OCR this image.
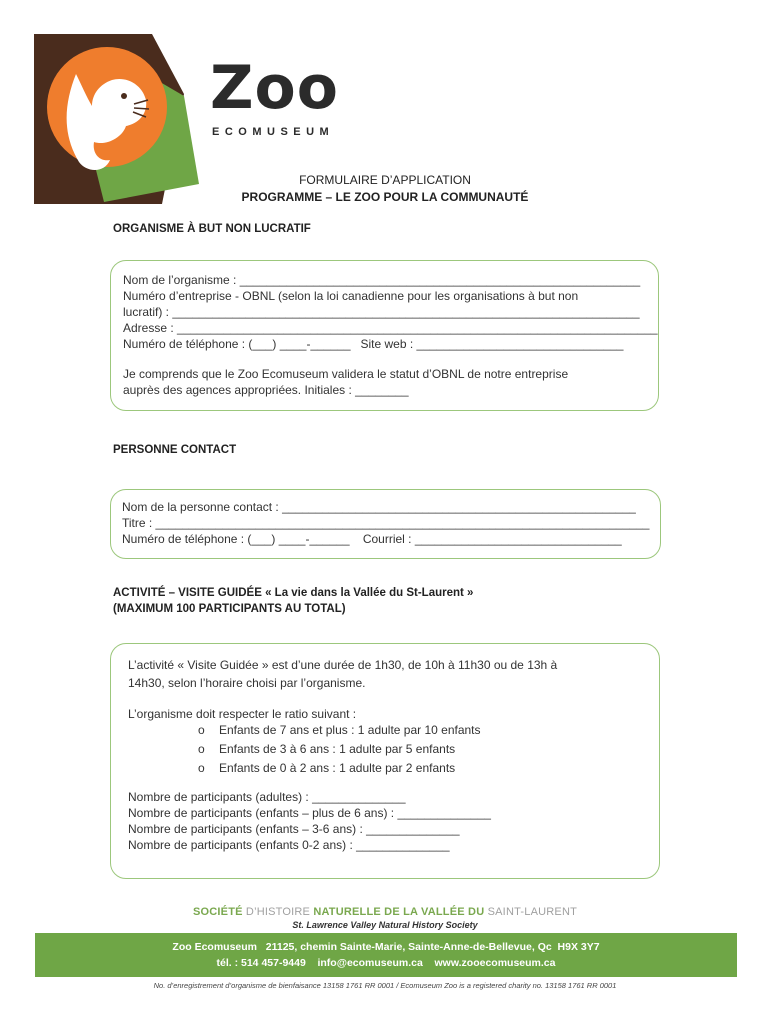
Zoo
ECOMUSEUM
FORMULAIRE D’APPLICATION
PROGRAMME – LE ZOO POUR LA COMMUNAUTÉ
ORGANISME À BUT NON LUCRATIF
Nom de l’organisme : ____________________________________________________________
Numéro d’entreprise - OBNL (selon la loi canadienne pour les organisations à but non
lucratif) : ______________________________________________________________________
Adresse : ________________________________________________________________________
Numéro de téléphone : (___) ____-______   Site web : _______________________________
Je comprends que le Zoo Ecomuseum validera le statut d’OBNL de notre entreprise
auprès des agences appropriées. Initiales : ________
PERSONNE CONTACT
Nom de la personne contact : _____________________________________________________
Titre : __________________________________________________________________________
Numéro de téléphone : (___) ____-______    Courriel : _______________________________
ACTIVITÉ – VISITE GUIDÉE « La vie dans la Vallée du St-Laurent »
(MAXIMUM 100 PARTICIPANTS AU TOTAL)
L’activité « Visite Guidée » est d’une durée de 1h30, de 10h à 11h30 ou de 13h à
14h30, selon l’horaire choisi par l’organisme.
L’organisme doit respecter le ratio suivant :
o Enfants de 7 ans et plus : 1 adulte par 10 enfants
o Enfants de 3 à 6 ans : 1 adulte par 5 enfants
o Enfants de 0 à 2 ans : 1 adulte par 2 enfants
Nombre de participants (adultes) : ______________
Nombre de participants (enfants – plus de 6 ans) : ______________
Nombre de participants (enfants – 3-6 ans) : ______________
Nombre de participants (enfants 0-2 ans) : ______________
SOCIÉTÉ D’HISTOIRE NATURELLE DE LA VALLÉE DU SAINT-LAURENT
St. Lawrence Valley Natural History Society
Zoo Ecomuseum   21125, chemin Sainte-Marie, Sainte-Anne-de-Bellevue, Qc  H9X 3Y7
tél. : 514 457-9449    info@ecomuseum.ca    www.zooecomuseum.ca
No. d’enregistrement d’organisme de bienfaisance 13158 1761 RR 0001 / Ecomuseum Zoo is a registered charity no. 13158 1761 RR 0001
